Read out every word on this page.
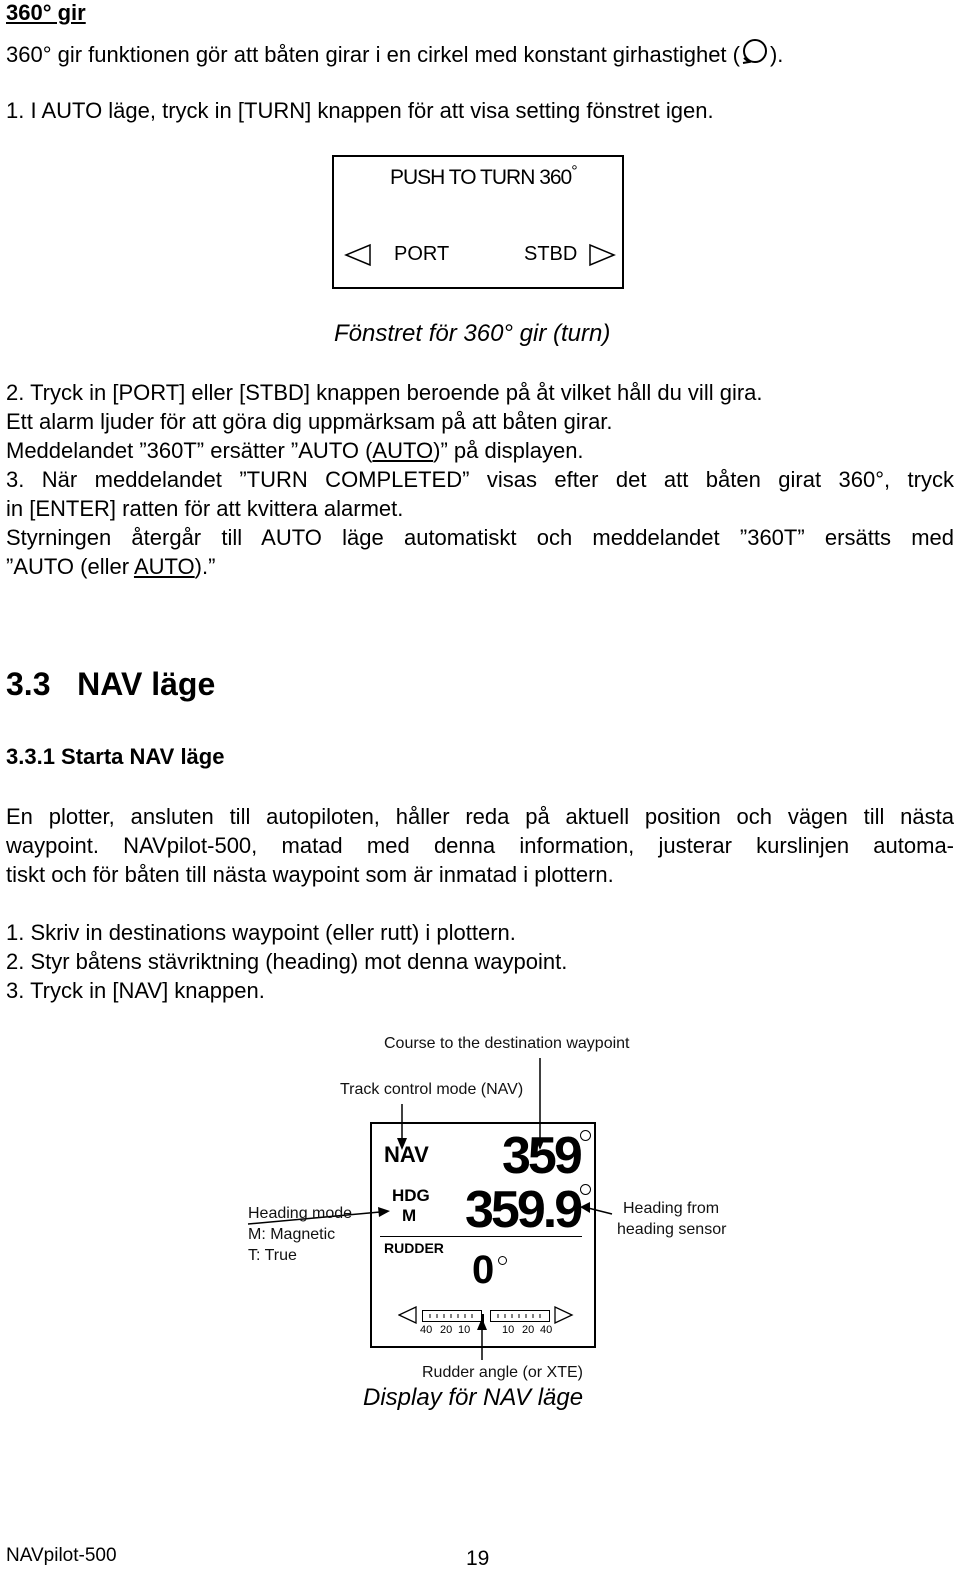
360° gir
360° gir funktionen gör att båten girar i en cirkel med konstant girhastighet ( ).
1. I AUTO läge, tryck in [TURN] knappen för att visa setting fönstret igen.
PUSH TO TURN 360°
PORT	STBD
Fönstret för 360° gir (turn)
2. Tryck in [PORT] eller [STBD] knappen beroende på åt vilket håll du vill gira.
Ett alarm ljuder för att göra dig uppmärksam på att båten girar.
Meddelandet ”360T” ersätter ”AUTO (AUTO)” på displayen.
3. När meddelandet ”TURN COMPLETED” visas efter det att båten girat 360°, tryck
in [ENTER] ratten för att kvittera alarmet.
Styrningen återgår till AUTO läge automatiskt och meddelandet ”360T” ersätts med
”AUTO (eller AUTO).”
3.3   NAV läge
3.3.1 Starta NAV läge
En plotter, ansluten till autopiloten, håller reda på aktuell position och vägen till nästa
waypoint. NAVpilot-500, matad med denna information, justerar kurslinjen automa-
tiskt och för båten till nästa waypoint som är inmatad i plottern.
1. Skriv in destinations waypoint (eller rutt) i plottern.
2. Styr båtens stävriktning (heading) mot denna waypoint.
3. Tryck in [NAV] knappen.
Course to the destination waypoint
Track control mode (NAV)
Heading mode
M: Magnetic
T: True
Heading from
heading sensor
NAV 359
HDG
M 359.9
RUDDER 0
40 20 10	10 20 40
Rudder angle (or XTE)
Display för NAV läge
NAVpilot-500	19
